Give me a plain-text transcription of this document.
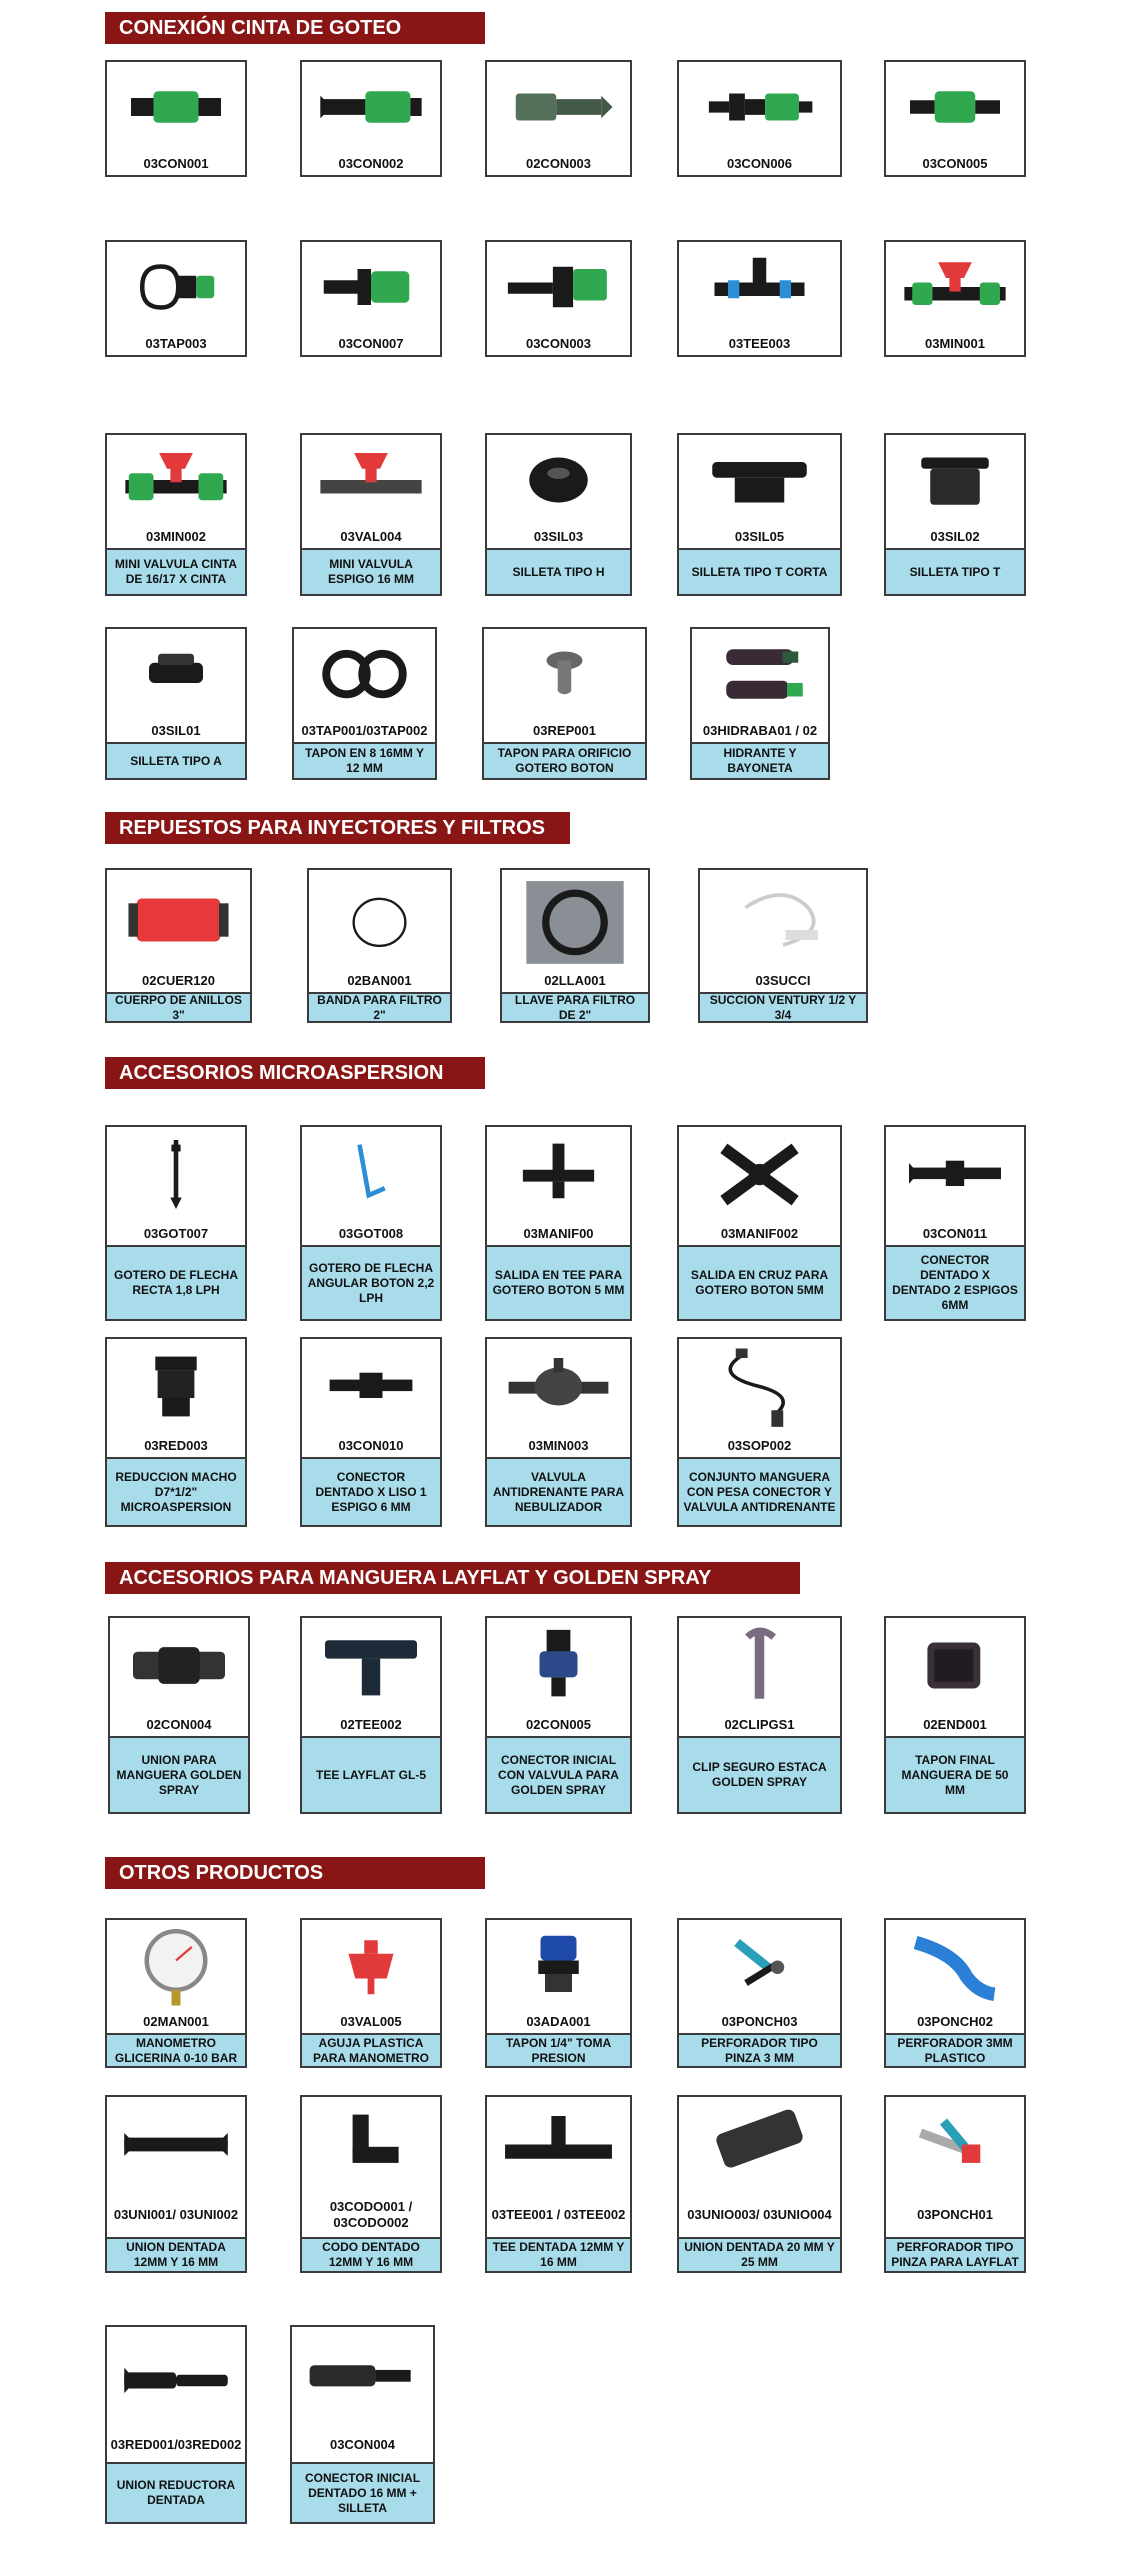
CONEXIÓN CINTA DE GOTEO
03CON001	03CON002	02CON003	03CON006	03CON005
03TAP003	03CON007	03CON003	03TEE003	03MIN001
03MIN002
MINI VALVULA CINTA DE 16/17 X CINTA
03VAL004
MINI VALVULA ESPIGO 16 MM
03SIL03
SILLETA TIPO H
03SIL05
SILLETA TIPO T CORTA
03SIL02
SILLETA TIPO T
03SIL01
SILLETA TIPO A
03TAP001/03TAP002
TAPON EN 8 16MM Y 12 MM
03REP001
TAPON PARA ORIFICIO GOTERO BOTON
03HIDRABA01 / 02
HIDRANTE Y BAYONETA
REPUESTOS PARA INYECTORES Y FILTROS
02CUER120
CUERPO DE ANILLOS 3"
02BAN001
BANDA PARA FILTRO 2"
02LLA001
LLAVE PARA FILTRO DE 2"
03SUCCI
SUCCION VENTURY 1/2 Y 3/4
ACCESORIOS MICROASPERSION
03GOT007
GOTERO DE FLECHA RECTA 1,8 LPH
03GOT008
GOTERO DE FLECHA ANGULAR BOTON 2,2 LPH
03MANIF00
SALIDA EN TEE PARA GOTERO BOTON 5 MM
03MANIF002
SALIDA EN CRUZ PARA GOTERO BOTON 5MM
03CON011
CONECTOR DENTADO X DENTADO 2 ESPIGOS 6MM
03RED003
REDUCCION MACHO D7*1/2" MICROASPERSION
03CON010
CONECTOR DENTADO X LISO 1 ESPIGO 6 MM
03MIN003
VALVULA ANTIDRENANTE PARA NEBULIZADOR
03SOP002
CONJUNTO MANGUERA CON PESA CONECTOR Y VALVULA ANTIDRENANTE
ACCESORIOS PARA MANGUERA LAYFLAT Y GOLDEN SPRAY
02CON004
UNION PARA MANGUERA GOLDEN SPRAY
02TEE002
TEE LAYFLAT GL-5
02CON005
CONECTOR INICIAL CON VALVULA PARA GOLDEN SPRAY
02CLIPGS1
CLIP SEGURO ESTACA GOLDEN SPRAY
02END001
TAPON FINAL MANGUERA DE 50 MM
OTROS PRODUCTOS
02MAN001
MANOMETRO GLICERINA 0-10 BAR
03VAL005
AGUJA PLASTICA PARA MANOMETRO
03ADA001
TAPON 1/4" TOMA PRESION
03PONCH03
PERFORADOR TIPO PINZA 3 MM
03PONCH02
PERFORADOR 3MM PLASTICO
03UNI001/ 03UNI002
UNION DENTADA 12MM Y 16 MM
03CODO001 / 03CODO002
CODO DENTADO 12MM Y 16 MM
03TEE001 / 03TEE002
TEE DENTADA 12MM Y 16 MM
03UNIO003/ 03UNIO004
UNION DENTADA 20 MM Y 25 MM
03PONCH01
PERFORADOR TIPO PINZA PARA LAYFLAT
03RED001/03RED002
UNION REDUCTORA DENTADA
03CON004
CONECTOR INICIAL DENTADO 16 MM + SILLETA
